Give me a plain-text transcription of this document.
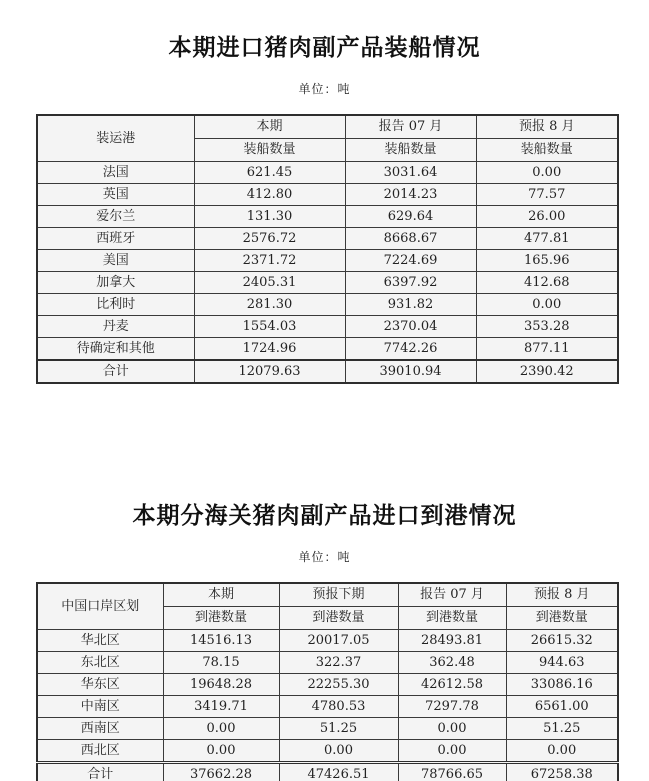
本期进口猪肉副产品装船情况
单位：吨
装运港	本期	报告 07 月	预报 8 月
	装船数量	装船数量	装船数量
法国	621.45	3031.64	0.00
英国	412.80	2014.23	77.57
爱尔兰	131.30	629.64	26.00
西班牙	2576.72	8668.67	477.81
美国	2371.72	7224.69	165.96
加拿大	2405.31	6397.92	412.68
比利时	281.30	931.82	0.00
丹麦	1554.03	2370.04	353.28
待确定和其他	1724.96	7742.26	877.11
合计	12079.63	39010.94	2390.42
本期分海关猪肉副产品进口到港情况
单位：吨
中国口岸区划	本期	预报下期	报告 07 月	预报 8 月
	到港数量	到港数量	到港数量	到港数量
华北区	14516.13	20017.05	28493.81	26615.32
东北区	78.15	322.37	362.48	944.63
华东区	19648.28	22255.30	42612.58	33086.16
中南区	3419.71	4780.53	7297.78	6561.00
西南区	0.00	51.25	0.00	51.25
西北区	0.00	0.00	0.00	0.00
合计	37662.28	47426.51	78766.65	67258.38
